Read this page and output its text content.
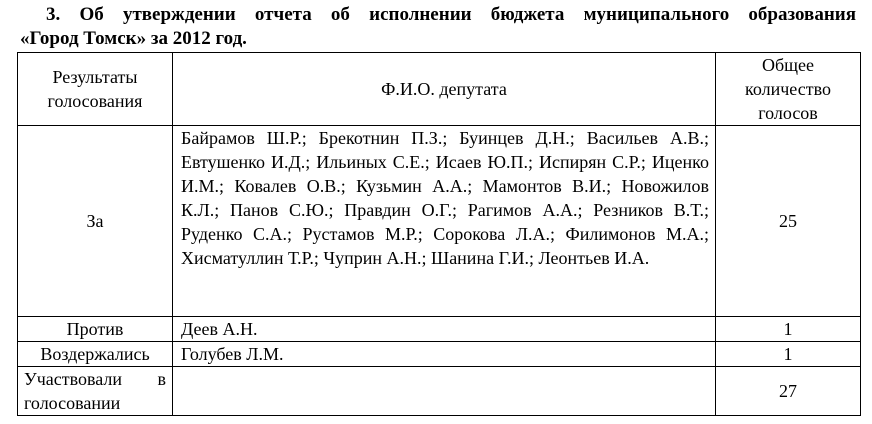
3. Об утверждении отчета об исполнении бюджета муниципального образования
«Город Томск» за 2012 год.
Результаты голосования	Ф.И.О. депутата	Общее количество голосов
За	Байрамов Ш.Р.; Брекотнин П.З.; Буинцев Д.Н.; Васильев А.В.; Евтушенко И.Д.; Ильиных С.Е.; Исаев Ю.П.; Испирян С.Р.; Иценко И.М.; Ковалев О.В.; Кузьмин А.А.; Мамонтов В.И.; Новожилов К.Л.; Панов С.Ю.; Правдин О.Г.; Рагимов А.А.; Резников В.Т.; Руденко С.А.; Рустамов М.Р.; Сорокова Л.А.; Филимонов М.А.; Хисматуллин Т.Р.; Чуприн А.Н.; Шанина Г.И.; Леонтьев И.А.	25
Против	Деев А.Н.	1
Воздержались	Голубев Л.М.	1
Участвовали в голосовании		27
